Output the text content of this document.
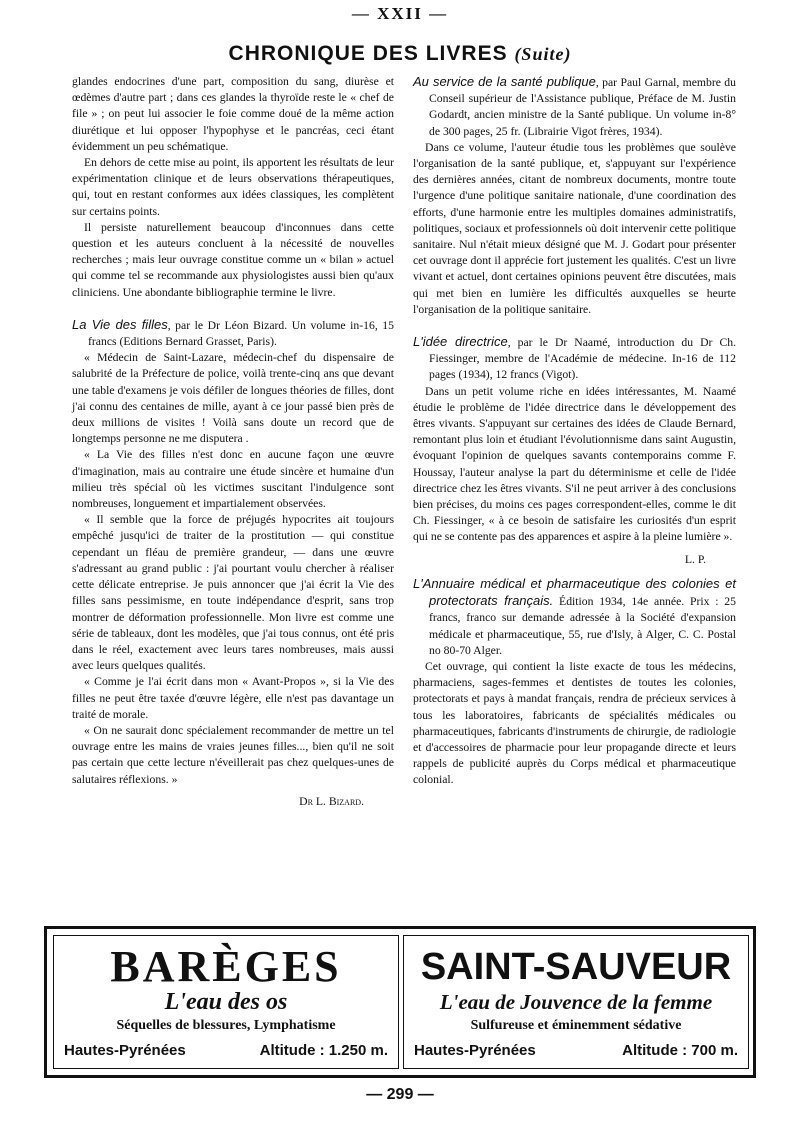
— XXII —
CHRONIQUE DES LIVRES (Suite)

glandes endocrines d'une part, composition du sang, diurèse et œdèmes d'autre part ; dans ces glandes la thyroïde reste le « chef de file » ; on peut lui associer le foie comme doué de la même action diurétique et lui opposer l'hypophyse et le pancréas, ceci étant évidemment un peu schématique.

En dehors de cette mise au point, ils apportent les résultats de leur expérimentation clinique et de leurs observations thérapeutiques, qui, tout en restant conformes aux idées classiques, les complètent sur certains points.

Il persiste naturellement beaucoup d'inconnues dans cette question et les auteurs concluent à la nécessité de nouvelles recherches ; mais leur ouvrage constitue comme un « bilan » actuel qui comme tel se recommande aux physiologistes aussi bien qu'aux cliniciens. Une abondante bibliographie termine le livre.

La Vie des filles, par le Dr Léon Bizard. Un volume in-16, 15 francs (Editions Bernard Grasset, Paris).

« Médecin de Saint-Lazare, médecin-chef du dispensaire de salubrité de la Préfecture de police, voilà trente-cinq ans que devant une table d'examens je vois défiler de longues théories de filles, dont j'ai connu des centaines de mille, ayant à ce jour passé bien près de deux millions de visites ! Voilà sans doute un record que de longtemps personne ne me disputera .

« La Vie des filles n'est donc en aucune façon une œuvre d'imagination, mais au contraire une étude sincère et humaine d'un milieu très spécial où les victimes suscitant l'indulgence sont nombreuses, longuement et impartialement observées.

« Il semble que la force de préjugés hypocrites ait toujours empêché jusqu'ici de traiter de la prostitution — qui constitue cependant un fléau de première grandeur, — dans une œuvre s'adressant au grand public : j'ai pourtant voulu chercher à réaliser cette délicate entreprise. Je puis annoncer que j'ai écrit la Vie des filles sans pessimisme, en toute indépendance d'esprit, sans trop montrer de déformation professionnelle. Mon livre est comme une série de tableaux, dont les modèles, que j'ai tous connus, ont été pris dans le réel, exactement avec leurs tares nombreuses, mais aussi avec leurs quelques qualités.

« Comme je l'ai écrit dans mon « Avant-Propos », si la Vie des filles ne peut être taxée d'œuvre légère, elle n'est pas davantage un traité de morale.

« On ne saurait donc spécialement recommander de mettre un tel ouvrage entre les mains de vraies jeunes filles..., bien qu'il ne soit pas certain que cette lecture n'éveillerait pas chez quelques-unes de salutaires réflexions. »

Dr L. Bizard.

Au service de la santé publique, par Paul Garnal, membre du Conseil supérieur de l'Assistance publique, Préface de M. Justin Godardt, ancien ministre de la Santé publique. Un volume in-8° de 300 pages, 25 fr. (Librairie Vigot frères, 1934).

Dans ce volume, l'auteur étudie tous les problèmes que soulève l'organisation de la santé publique, et, s'appuyant sur l'expérience des dernières années, citant de nombreux documents, montre toute l'urgence d'une politique sanitaire nationale, d'une coordination des efforts, d'une harmonie entre les multiples domaines administratifs, politiques, sociaux et professionnels où doit intervenir cette politique sanitaire. Nul n'était mieux désigné que M. J. Godart pour présenter cet ouvrage dont il apprécie fort justement les qualités. C'est un livre vivant et actuel, dont certaines opinions peuvent être discutées, mais qui met bien en lumière les difficultés auxquelles se heurte l'organisation de la politique sanitaire.

L'idée directrice, par le Dr Naamé, introduction du Dr Ch. Fiessinger, membre de l'Académie de médecine. In-16 de 112 pages (1934), 12 francs (Vigot).

Dans un petit volume riche en idées intéressantes, M. Naamé étudie le problème de l'idée directrice dans le développement des êtres vivants. S'appuyant sur certaines des idées de Claude Bernard, remontant plus loin et étudiant l'évolutionnisme dans saint Augustin, évoquant l'opinion de quelques savants contemporains comme F. Houssay, l'auteur analyse la part du déterminisme et celle de l'idée directrice chez les êtres vivants. S'il ne peut arriver à des conclusions bien précises, du moins ces pages correspondent-elles, comme le dit Ch. Fiessinger, « à ce besoin de satisfaire les curiosités d'un esprit qui ne se contente pas des apparences et aspire à la pleine lumière ».

L. P.

L'Annuaire médical et pharmaceutique des colonies et protectorats français. Édition 1934, 14e année. Prix : 25 francs, franco sur demande adressée à la Société d'expansion médicale et pharmaceutique, 55, rue d'Isly, à Alger, C. C. Postal no 80-70 Alger.

Cet ouvrage, qui contient la liste exacte de tous les médecins, pharmaciens, sages-femmes et dentistes de toutes les colonies, protectorats et pays à mandat français, rendra de précieux services à tous les laboratoires, fabricants de spécialités médicales ou pharmaceutiques, fabricants d'instruments de chirurgie, de radiologie et d'accessoires de pharmacie pour leur propagande directe et leurs rappels de publicité auprès du Corps médical et pharmaceutique colonial.

BARÈGES
L'eau des os
Séquelles de blessures, Lymphatisme
Hautes-Pyrénées	Altitude : 1.250 m.
SAINT-SAUVEUR
L'eau de Jouvence de la femme
Sulfureuse et éminemment sédative
Hautes-Pyrénées	Altitude : 700 m.
— 299 —
